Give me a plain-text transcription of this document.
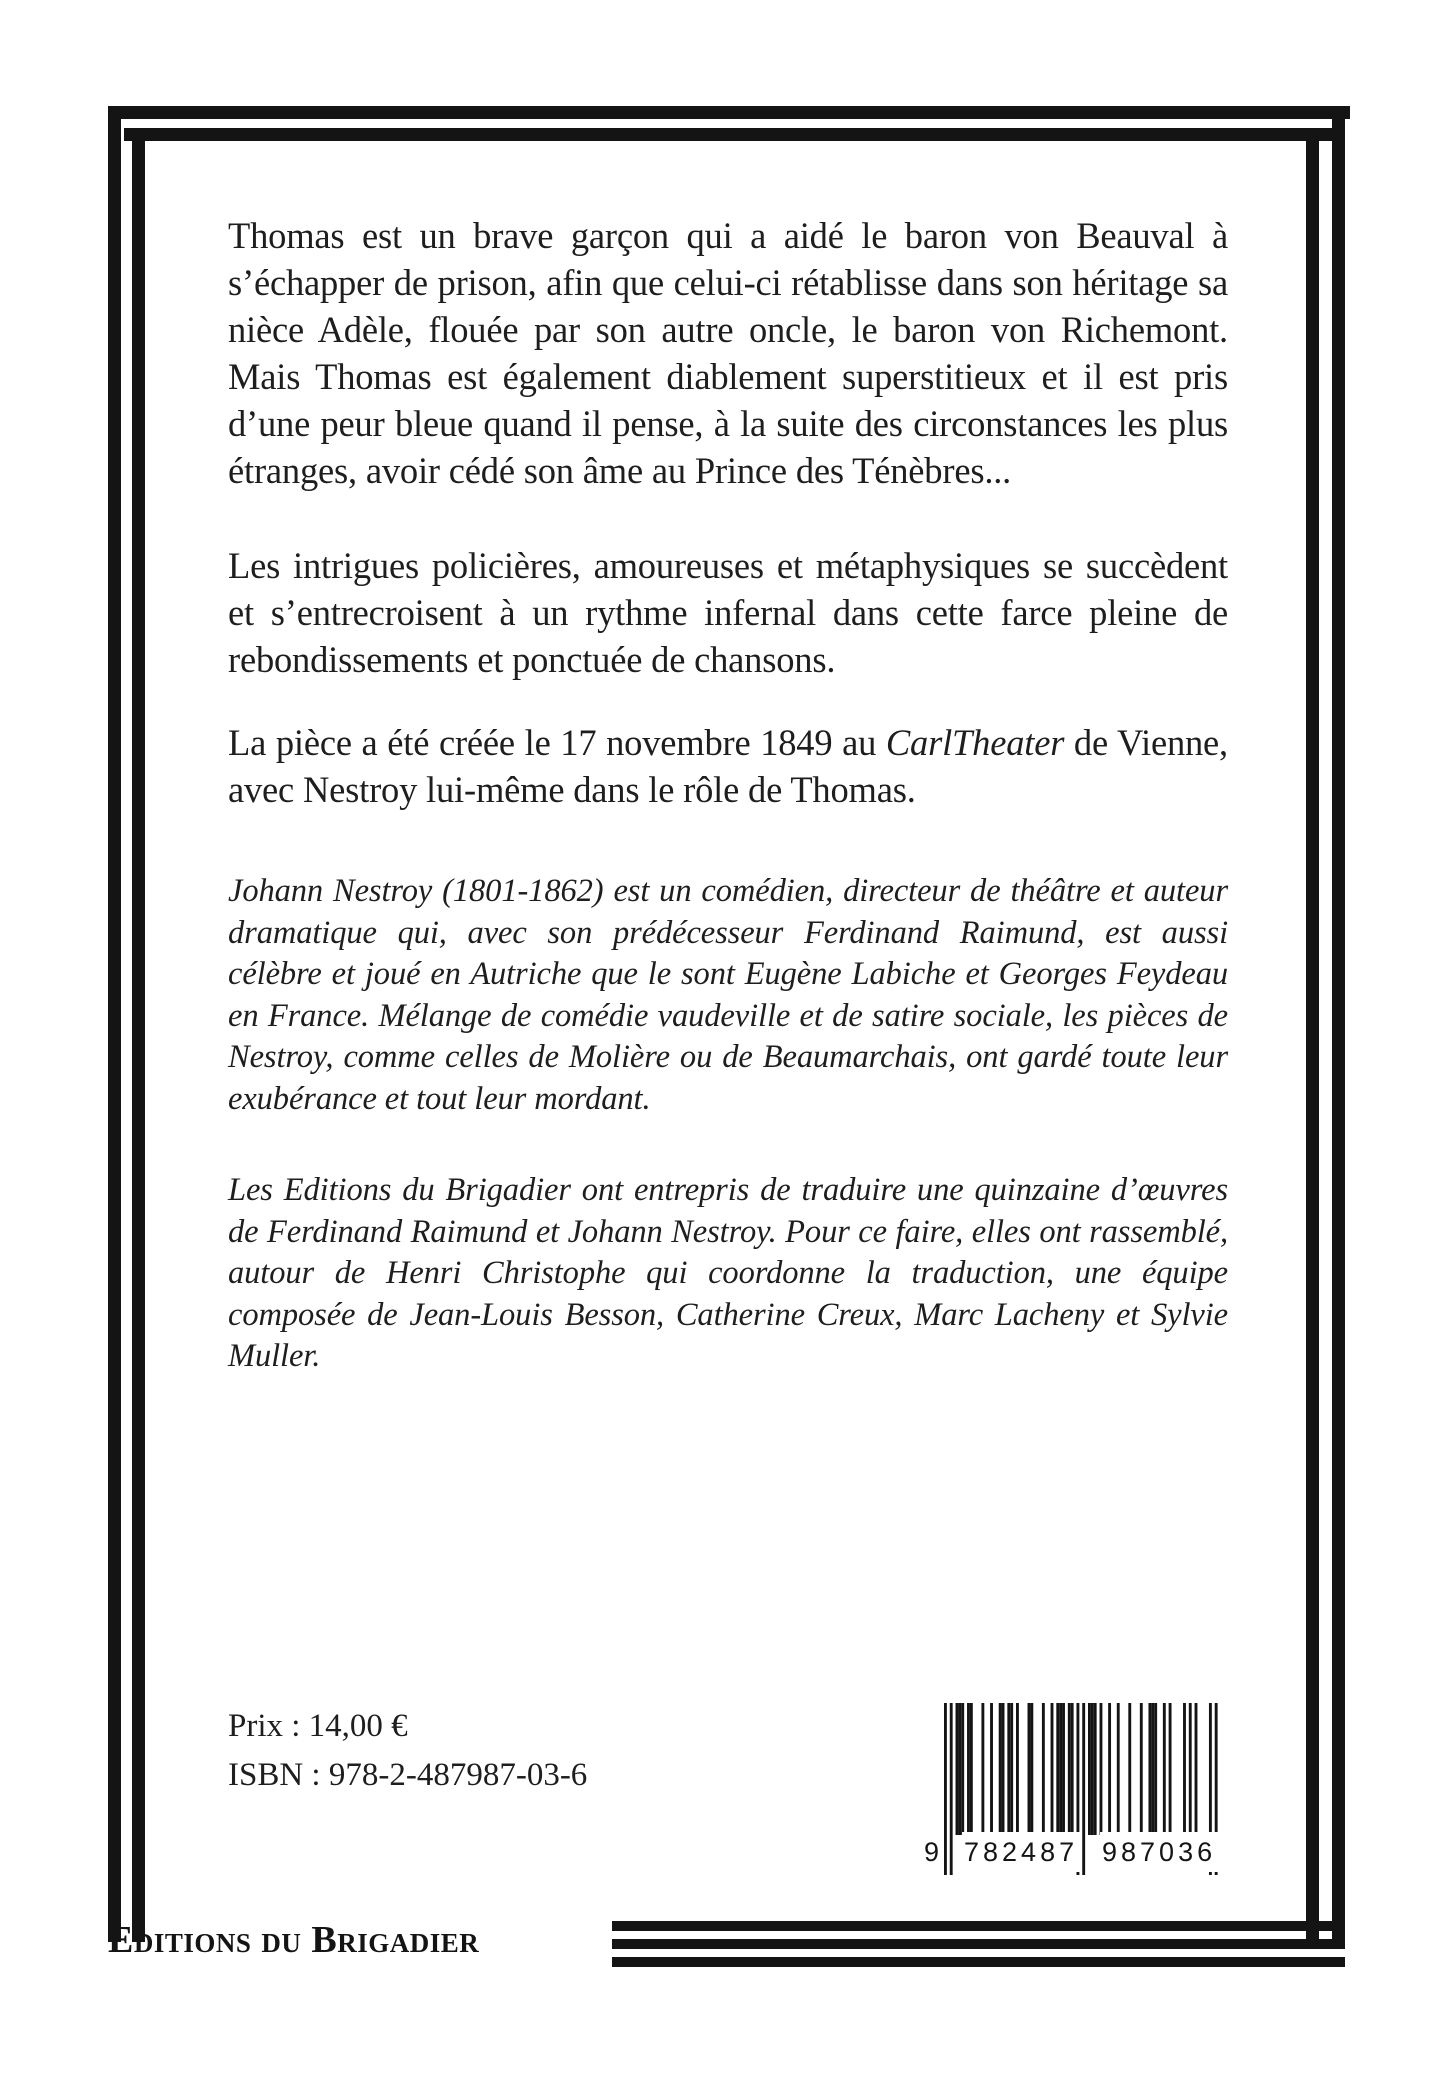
Thomas est un brave garçon qui a aidé le baron von Beauval à s’échapper de prison, afin que celui-ci rétablisse dans son héritage sa nièce Adèle, flouée par son autre oncle, le baron von Richemont. Mais Thomas est également diablement superstitieux et il est pris d’une peur bleue quand il pense, à la suite des circonstances les plus étranges, avoir cédé son âme au Prince des Ténèbres...

Les intrigues policières, amoureuses et métaphysiques se succèdent et s’entrecroisent à un rythme infernal dans cette farce pleine de rebondissements et ponctuée de chansons.

La pièce a été créée le 17 novembre 1849 au CarlTheater de Vienne, avec Nestroy lui-même dans le rôle de Thomas.

Johann Nestroy (1801-1862) est un comédien, directeur de théâtre et auteur dramatique qui, avec son prédécesseur Ferdinand Raimund, est aussi célèbre et joué en Autriche que le sont Eugène Labiche et Georges Feydeau en France. Mélange de comédie vaudeville et de satire sociale, les pièces de Nestroy, comme celles de Molière ou de Beaumarchais, ont gardé toute leur exubérance et tout leur mordant.

Les Editions du Brigadier ont entrepris de traduire une quinzaine d’œuvres de Ferdinand Raimund et Johann Nestroy. Pour ce faire, elles ont rassemblé, autour de Henri Christophe qui coordonne la traduction, une équipe composée de Jean-Louis Besson, Catherine Creux, Marc Lacheny et Sylvie Muller.

Prix : 14,00 €
ISBN : 978-2-487987-03-6
9 782487 987036
Editions du Brigadier
